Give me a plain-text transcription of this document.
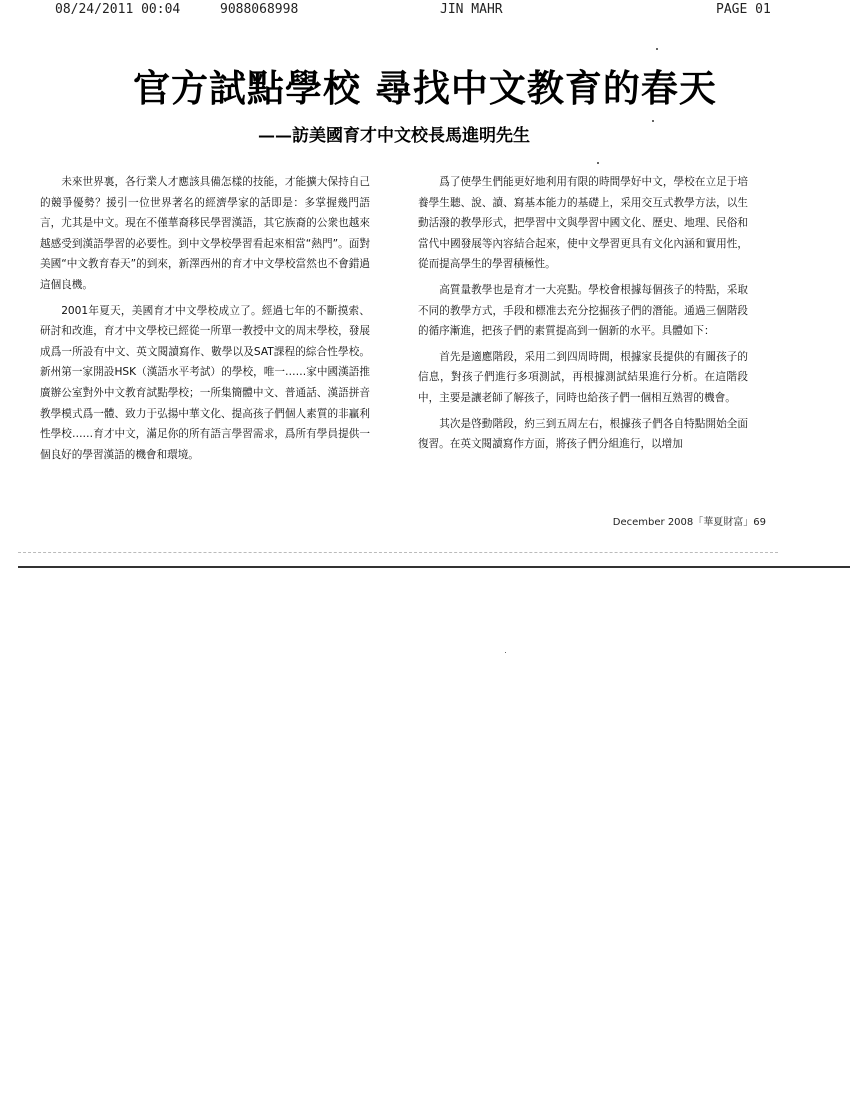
08/24/2011 00:04	9088068998	JIN MAHR	PAGE 01
官方試點學校 尋找中文教育的春天
——訪美國育才中文校長馬進明先生

未來世界裏，各行業人才應該具備怎樣的技能，才能擴大保持自己的競爭優勢？援引一位世界著名的經濟學家的話即是：多掌握幾門語言，尤其是中文。現在不僅華裔移民學習漢語，其它族裔的公衆也越來越感受到漢語學習的必要性。到中文學校學習看起來相當“熱門”。面對美國“中文教育春天”的到來，新澤西州的育才中文學校當然也不會錯過這個良機。

2001年夏天，美國育才中文學校成立了。經過七年的不斷摸索、研討和改進，育才中文學校已經從一所單一教授中文的周末學校，發展成爲一所設有中文、英文閱讀寫作、數學以及SAT課程的綜合性學校。新州第一家開設HSK（漢語水平考試）的學校，唯一……家中國漢語推廣辦公室對外中文教育試點學校；一所集簡體中文、普通話、漢語拼音教學模式爲一體、致力于弘揚中華文化、提高孩子們個人素質的非贏利性學校……育才中文，滿足你的所有語言學習需求，爲所有學員提供一個良好的學習漢語的機會和環境。

爲了使學生們能更好地利用有限的時間學好中文，學校在立足于培養學生聽、說、讀、寫基本能力的基礎上，采用交互式教學方法，以生動活潑的教學形式，把學習中文與學習中國文化、歷史、地理、民俗和當代中國發展等內容結合起來，使中文學習更具有文化內涵和實用性，從而提高學生的學習積極性。

高質量教學也是育才一大亮點。學校會根據每個孩子的特點，采取不同的教學方式，手段和標准去充分挖掘孩子們的潛能。通過三個階段的循序漸進，把孩子們的素質提高到一個新的水平。具體如下：

首先是適應階段，采用二到四周時間，根據家長提供的有關孩子的信息，對孩子們進行多項測試，再根據測試結果進行分析。在這階段中，主要是讓老師了解孩子，同時也給孩子們一個相互熟習的機會。

其次是啓動階段，約三到五周左右，根據孩子們各自特點開始全面復習。在英文閱讀寫作方面，將孩子們分組進行，以增加

December 2008「華夏財富」69
